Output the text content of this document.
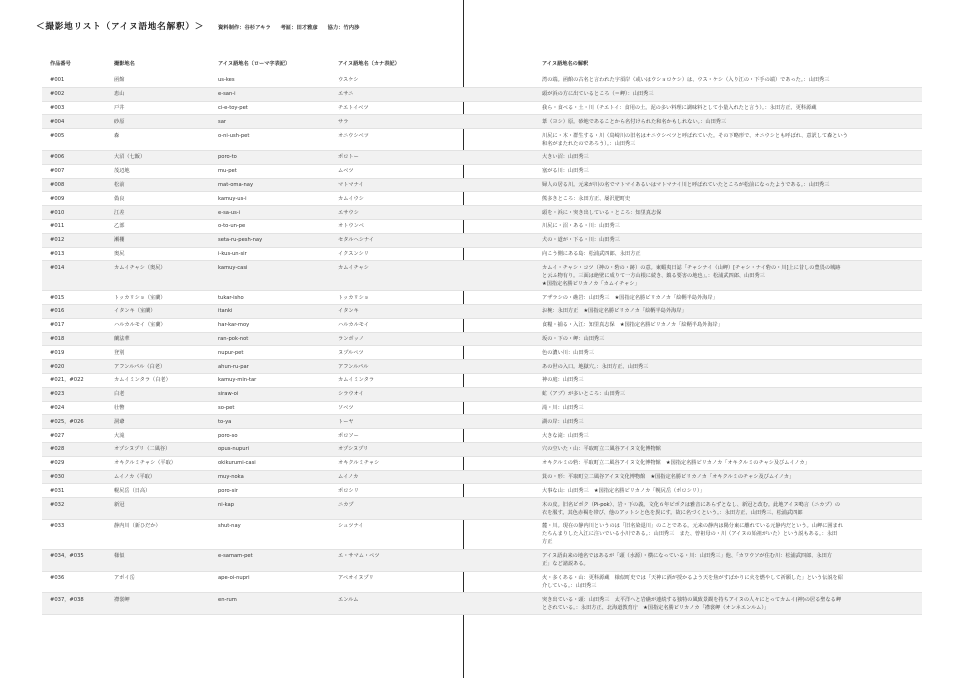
＜撮影地リスト（アイヌ語地名解釈）＞	資料制作：谷杉アキラ 考証：田才雅彦 協力：竹内渉
作品番号	撮影地名	アイヌ語地名（ローマ字表記）	アイヌ語地名（カナ表記）	アイヌ語地名の解釈
#001	函館	us-kes	ウスケシ	湾の端。函館の古名と言われた宇須岸（或いはウショロケシ）は、ウス・ケシ（入り江の・下手の端）であった。：山田秀三
#002	恵山	e-san-i	エサニ	頭が浜の方に出ているところ（＝岬）：山田秀三
#003	戸井	ci-e-toy-pet	チエトイベツ	我ら・食べる・土・川（チエトイ：食用の土。泥の多い料理に調味料として小量入れたと言う）。：永田方正、更科源蔵
#004	砂原	sar	サラ	葦（ヨシ）原。砂地であることから名付けられた和名かもしれない。：山田秀三
#005	森	o-ni-ush-pet	オニウシベツ	川尻に・木・群生する・川（鳥崎川の旧名はオニウシベツと呼ばれていた。その下略形で、オニウシとも呼ばれ、意訳して森という
和名がまたれたのであろう）。：山田秀三
#006	大沼（七飯）	poro-to	ポロトー	大きい沼：山田秀三
#007	茂辺地	mu-pet	ムベツ	塞がる川：山田秀三
#008	松前	mat-oma-nay	マトマナイ	婦人の居る川。元来が川の名でマトマイあるいはマトマナイ川と呼ばれていたところが松前になったようである。：山田秀三
#009	偽良	kamuy-us-i	カムイウシ	熊多きところ：永田方正、屡沢肥町史
#010	江差	e-sa-us-i	エサウシ	頭を・浜に・突き出している・ところ：知里真志保
#011	乙部	o-to-un-pe	オトウンペ	川尻に・沼・ある・川：山田秀三
#012	瀬棚	seta-ru-pesh-nay	セタルヘシナイ	犬の・道が・下る・川：山田秀三
#013	奥尻	i-kus-un-sir	イクスンシリ	向こう側にある島：松浦武四郎、永田方正
#014	カムイチャシ（奥尻）	kamuy-casi	カムイチャシ	カムイ・チャシ・コツ（神の・砦の・跡）の意。東蝦夷日誌「チャシナイ（山岬）[チャシ・ナイ砦の・川]上に昔しの豊畏の城跡
と云ふ物有り。三面は絶壁に成りて一方山根に続き、鎮る要害の地也」。：松浦武四郎、山田秀三
★国指定名勝ピリカノカ「カムイチャシ」
#015	トッカリショ（室蘭）	tukar-isho	トッカリショ	アザラシの・礁岩：山田秀三　★国指定名勝ピリカノカ「絵鞆半島外海岸」
#016	イタンキ（室蘭）	itanki	イタンキ	お椀：永田方正　★国指定名勝ピリカノカ「絵鞆半島外海岸」
#017	ハルカルモイ（室蘭）	har-kar-moy	ハルカルモイ	食糧・捕る・入江：知里真志保　★国指定名勝ピリカノカ「絵鞆半島外海岸」
#018	蘭法華	ran-pok-not	ランボッノ	坂の・下の・岬：山田秀三
#019	登別	nupur-pet	ヌプルペツ	色の濃い川：山田秀三
#020	アフンルパル（白老）	ahun-ru-par	アフンルパル	あの世の入口。地獄穴。：永田方正、山田秀三
#021，#022	カムイミンタラ（白老）	kamuy-min-tar	カムイミンタラ	神の庭：山田秀三
#023	白老	siraw-oi	シラウオイ	虻（アブ）が多いところ：山田秀三
#024	壮瞥	so-pet	ソベツ	滝・川：山田秀三
#025，#026	洞爺	to-ya	トーヤ	湖の岸：山田秀三
#027	大滝	poro-so	ポロソー	大きな滝：山田秀三
#028	オプシヌプリ（二風谷）	opus-nupuri	オプシヌプリ	穴の空いた・山：平取町立二風谷アイヌ文化博物館
#029	オキクルミチャシ（平取）	okikurumi-casi	オキクルミチャシ	オキクルミの砦：平取町立二風谷アイヌ文化博物館　★国指定名勝ピリカノカ「オキクルミのチャシ及びムイノカ」
#030	ムイノカ（平取）	muy-noka	ムイノカ	箕の・形：平取町立二風谷アイヌ文化博物館　★国指定名勝ピリカノカ「オキクルミのチャシ及びムイノカ」
#031	幌尻岳（日高）	poro-sir	ポロシリ	大事な山：山田秀三　★国指定名勝ピリカノカ「幌尻岳（ポロシリ）」
#032	新冠	ni-kap	ニカプ	木の皮。旧名ピポク（Pi-pok）、岩・下の義。文化６年ピポクは雅音にあらずとなし、新冠と改む。此地アイヌ鳴言（ニカプ）の
衣を服す。其色赤褐を帯び、他のアットシと色を異にす。故に名づくという。：永田方正、山田秀三、松浦武四郎
#033	静内川（新ひだか）	shut-nay	シュツナイ	麓・川。現在の静内川というのは「旧名染退川」のことである。元来の静内は陽分東に離れている元静内だという。山岬に囲まれ
たちんまりした入江に注いでいる小川である。：山田秀三　また、曾祖母の・川（アイヌの始祖がいた）という説もある。：永田
方正
#034，#035	様似	e-samam-pet	エ・サマム・ペツ	アイヌ語由来の地名ではあるが「頭（水源）・横になっている・川：山田秀三」他、「カワウソが住む川：松浦武四郎、永田方
正」など諸説ある。
#036	アポイ岳	ape-oi-nupri	アペオイヌプリ	火・多くある・山：更科源蔵　様似町史では「天神に酒が授かるよう天を焦がすばかりに火を燃やして祈願した」という伝説を紹
介している。：山田秀三
#037，#038	襟裳岬	en-rum	エンルム	突き出ている・頭：山田秀三　太平洋へと岩礁が連続する独特の風致景観を持ちアイヌの人々にとってカムイ(神)の居る聖なる岬
とされている。：永田方正、北海道教育庁　★国指定名勝ピリカノカ「襟裳岬（オンネエンルム）」
